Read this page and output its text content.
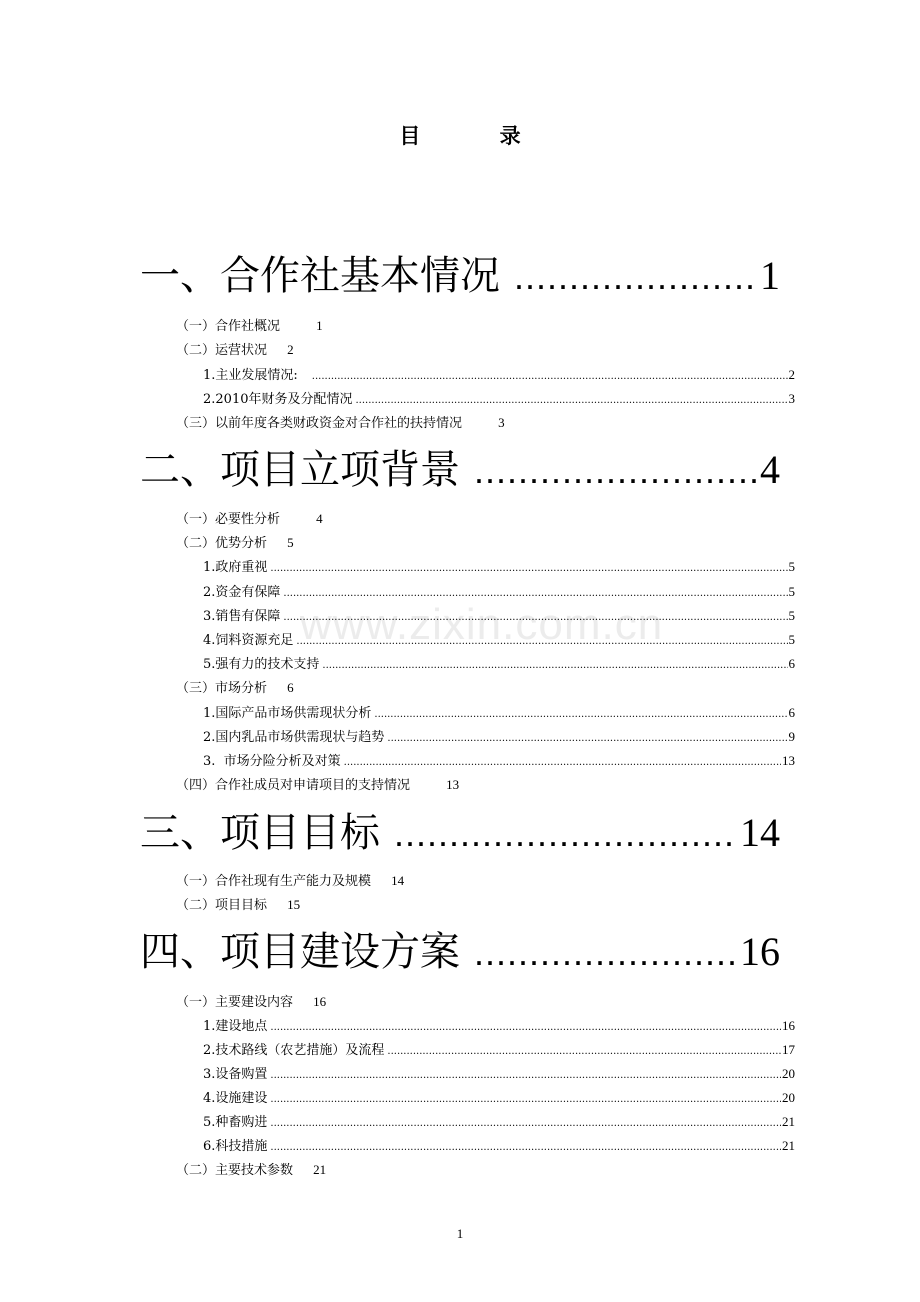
www.zixin.com.cn
目 录
一、合作社基本情况 .....	1
（一）合作社概况	1
（二）运营状况 2
1.主业发展情况: .....	2
2.2010年财务及分配情况 .....	3
（三）以前年度各类财政资金对合作社的扶持情况	3
二、项目立项背景 .....	4
（一）必要性分析	4
（二）优势分析 5
1.政府重视 .....	5
2.资金有保障 .....	5
3.销售有保障 .....	5
4.饲料资源充足 .....	5
5.强有力的技术支持 .....	6
（三）市场分析 6
1.国际产品市场供需现状分析 .....	6
2.国内乳品市场供需现状与趋势 .....	9
3.  市场分险分析及对策 .....	13
（四）合作社成员对申请项目的支持情况	13
三、项目目标 .....	14
（一）合作社现有生产能力及规模 14
（二）项目目标 15
四、项目建设方案 .....	16
（一）主要建设内容 16
1.建设地点 .....	16
2.技术路线（农艺措施）及流程 .....	17
3.设备购置 .....	20
4.设施建设 .....	20
5.种畜购进 .....	21
6.科技措施 .....	21
（二）主要技术参数 21
1
